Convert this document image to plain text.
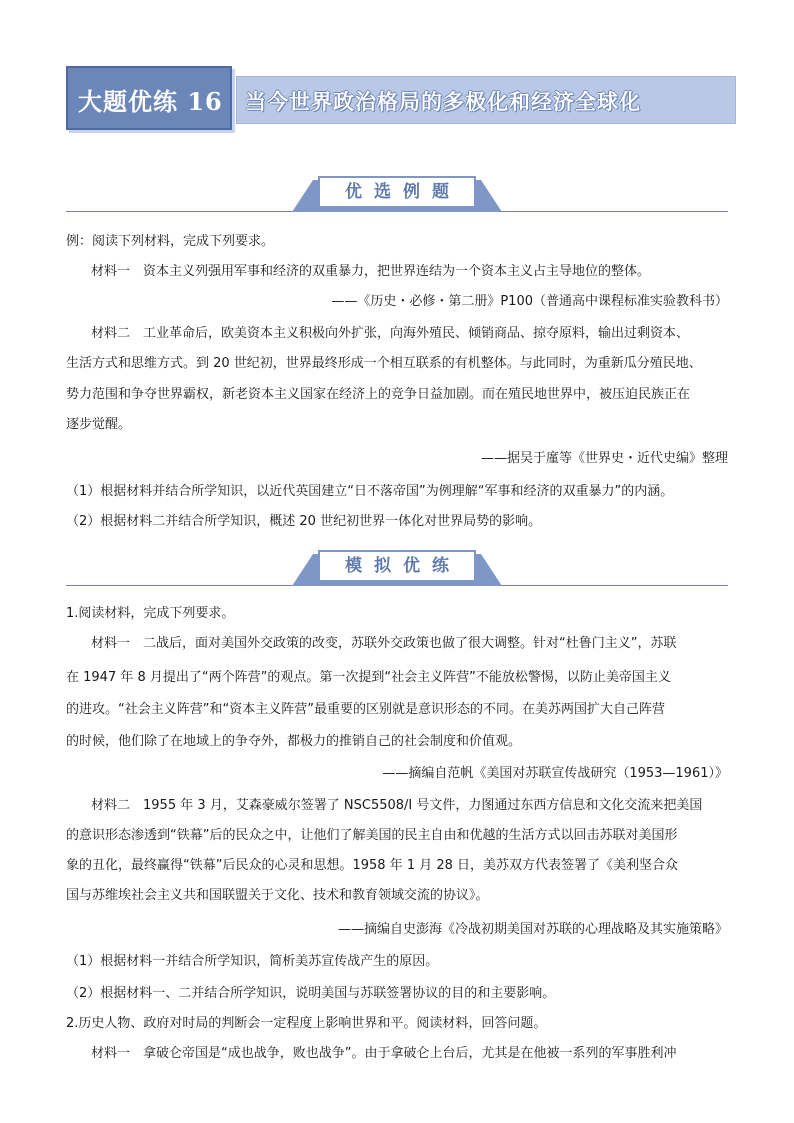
大题优练 16 当今世界政治格局的多极化和经济全球化
优选例题
例：阅读下列材料，完成下列要求。
材料一　资本主义列强用军事和经济的双重暴力，把世界连结为一个资本主义占主导地位的整体。
——《历史・必修・第二册》P100（普通高中课程标准实验教科书）
材料二　工业革命后，欧美资本主义积极向外扩张，向海外殖民、倾销商品、掠夺原料，输出过剩资本、
生活方式和思维方式。到 20 世纪初，世界最终形成一个相互联系的有机整体。与此同时，为重新瓜分殖民地、
势力范围和争夺世界霸权，新老资本主义国家在经济上的竞争日益加剧。而在殖民地世界中，被压迫民族正在
逐步觉醒。
——据吴于廑等《世界史・近代史编》整理
（1）根据材料并结合所学知识，以近代英国建立“日不落帝国”为例理解“军事和经济的双重暴力”的内涵。
（2）根据材料二并结合所学知识，概述 20 世纪初世界一体化对世界局势的影响。
模拟优练
1.阅读材料，完成下列要求。
材料一　二战后，面对美国外交政策的改变，苏联外交政策也做了很大调整。针对“杜鲁门主义”，苏联
在 1947 年 8 月提出了“两个阵营”的观点。第一次提到“社会主义阵营”不能放松警惕，以防止美帝国主义
的进攻。“社会主义阵营”和“资本主义阵营”最重要的区别就是意识形态的不同。在美苏两国扩大自己阵营
的时候，他们除了在地域上的争夺外，都极力的推销自己的社会制度和价值观。
——摘编自范帆《美国对苏联宣传战研究（1953—1961）》
材料二　1955 年 3 月，艾森豪威尔签署了 NSC5508/I 号文件，力图通过东西方信息和文化交流来把美国
的意识形态渗透到“铁幕”后的民众之中，让他们了解美国的民主自由和优越的生活方式以回击苏联对美国形
象的丑化，最终赢得“铁幕”后民众的心灵和思想。1958 年 1 月 28 日，美苏双方代表签署了《美利坚合众
国与苏维埃社会主义共和国联盟关于文化、技术和教育领域交流的协议》。
——摘编自史澎海《冷战初期美国对苏联的心理战略及其实施策略》
（1）根据材料一并结合所学知识，简析美苏宣传战产生的原因。
（2）根据材料一、二并结合所学知识，说明美国与苏联签署协议的目的和主要影响。
2.历史人物、政府对时局的判断会一定程度上影响世界和平。阅读材料，回答问题。
材料一　拿破仑帝国是“成也战争，败也战争”。由于拿破仑上台后，尤其是在他被一系列的军事胜利冲
